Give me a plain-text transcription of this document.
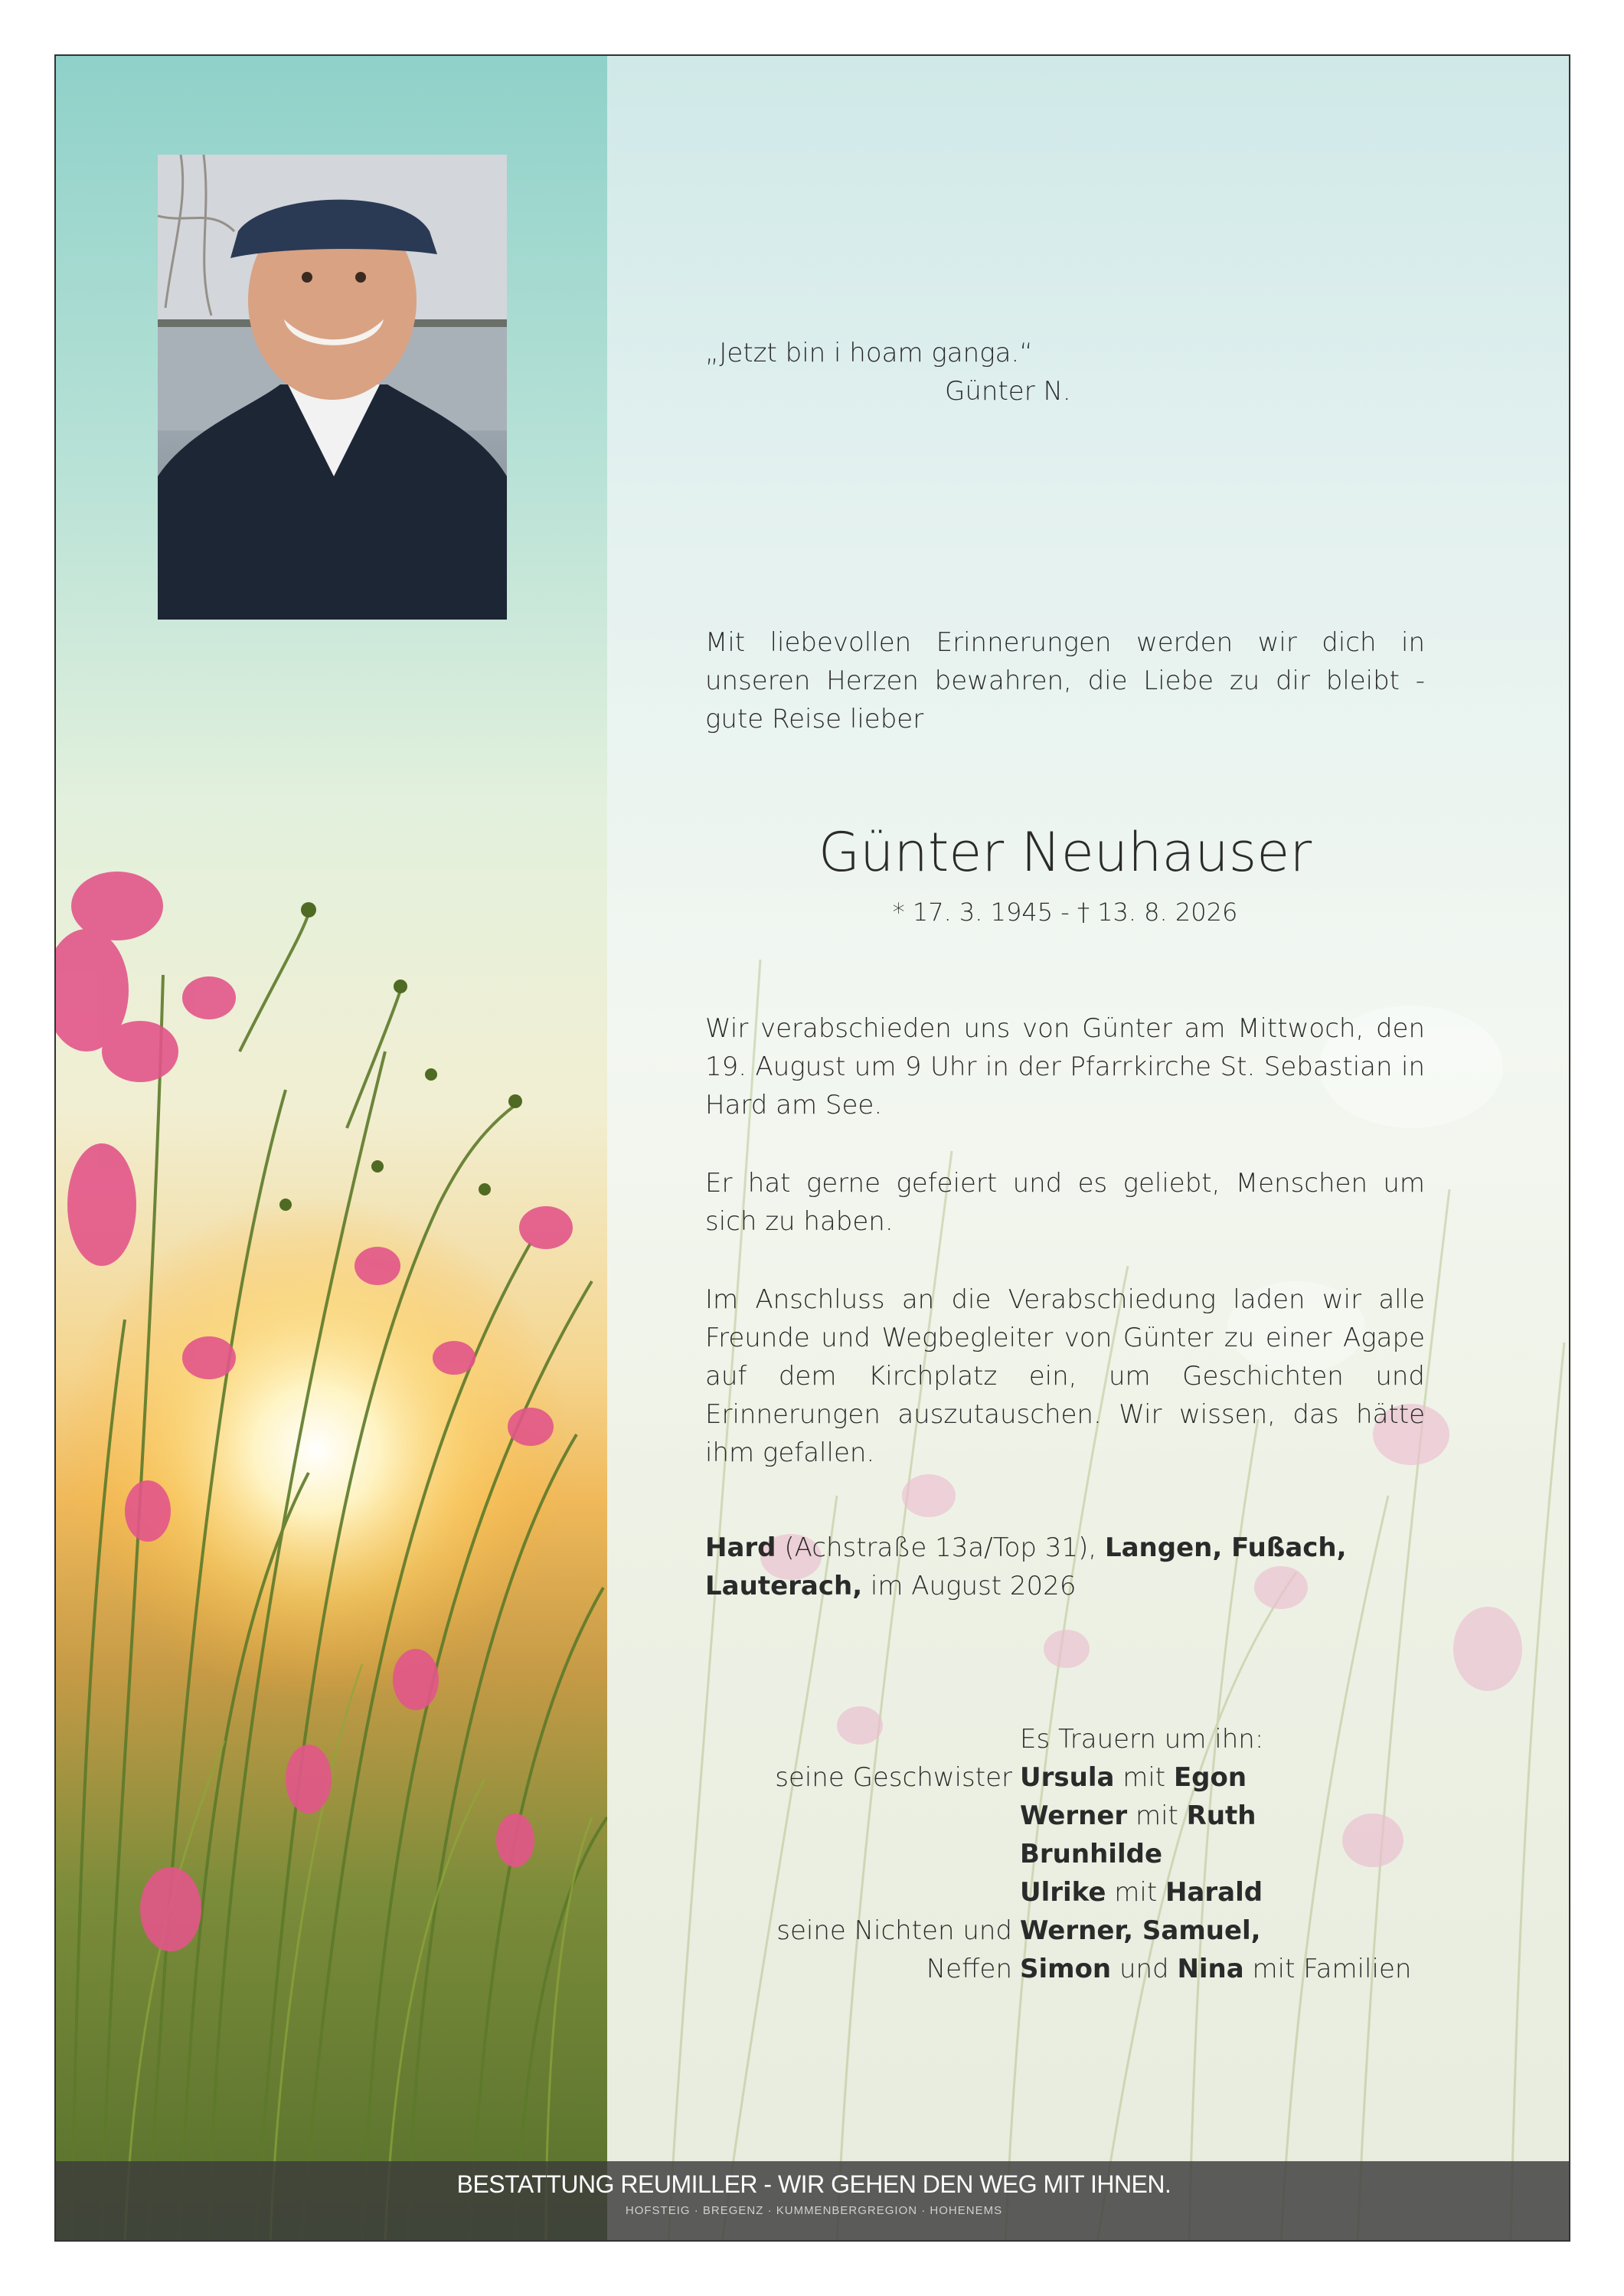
„Jetzt bin i hoam ganga.“
Günter N.
Mit liebevollen Erinnerungen werden wir dich in unseren Herzen bewahren, die Liebe zu dir bleibt - gute Reise lieber
Günter Neuhauser
* 17. 3. 1945 - † 13. 8. 2026
Wir verabschieden uns von Günter am Mittwoch, den 19. August um 9 Uhr in der Pfarrkirche St. Sebastian in Hard am See.
Er hat gerne gefeiert und es geliebt, Menschen um sich zu haben.
Im Anschluss an die Verabschiedung laden wir alle Freunde und Wegbegleiter von Günter zu einer Agape auf dem Kirchplatz ein, um Geschichten und Erinnerungen auszutauschen. Wir wissen, das hätte ihm gefallen.
Hard (Achstraße 13a/Top 31), Langen, Fußach,
Lauterach, im August 2026
Es Trauern um ihn:
seine Geschwister Ursula mit Egon
Werner mit Ruth
Brunhilde
Ulrike mit Harald
seine Nichten und Neffen
Werner, Samuel,
Simon und Nina mit Familien
BESTATTUNG REUMILLER - WIR GEHEN DEN WEG MIT IHNEN.
HOFSTEIG · BREGENZ · KUMMENBERGREGION · HOHENEMS
